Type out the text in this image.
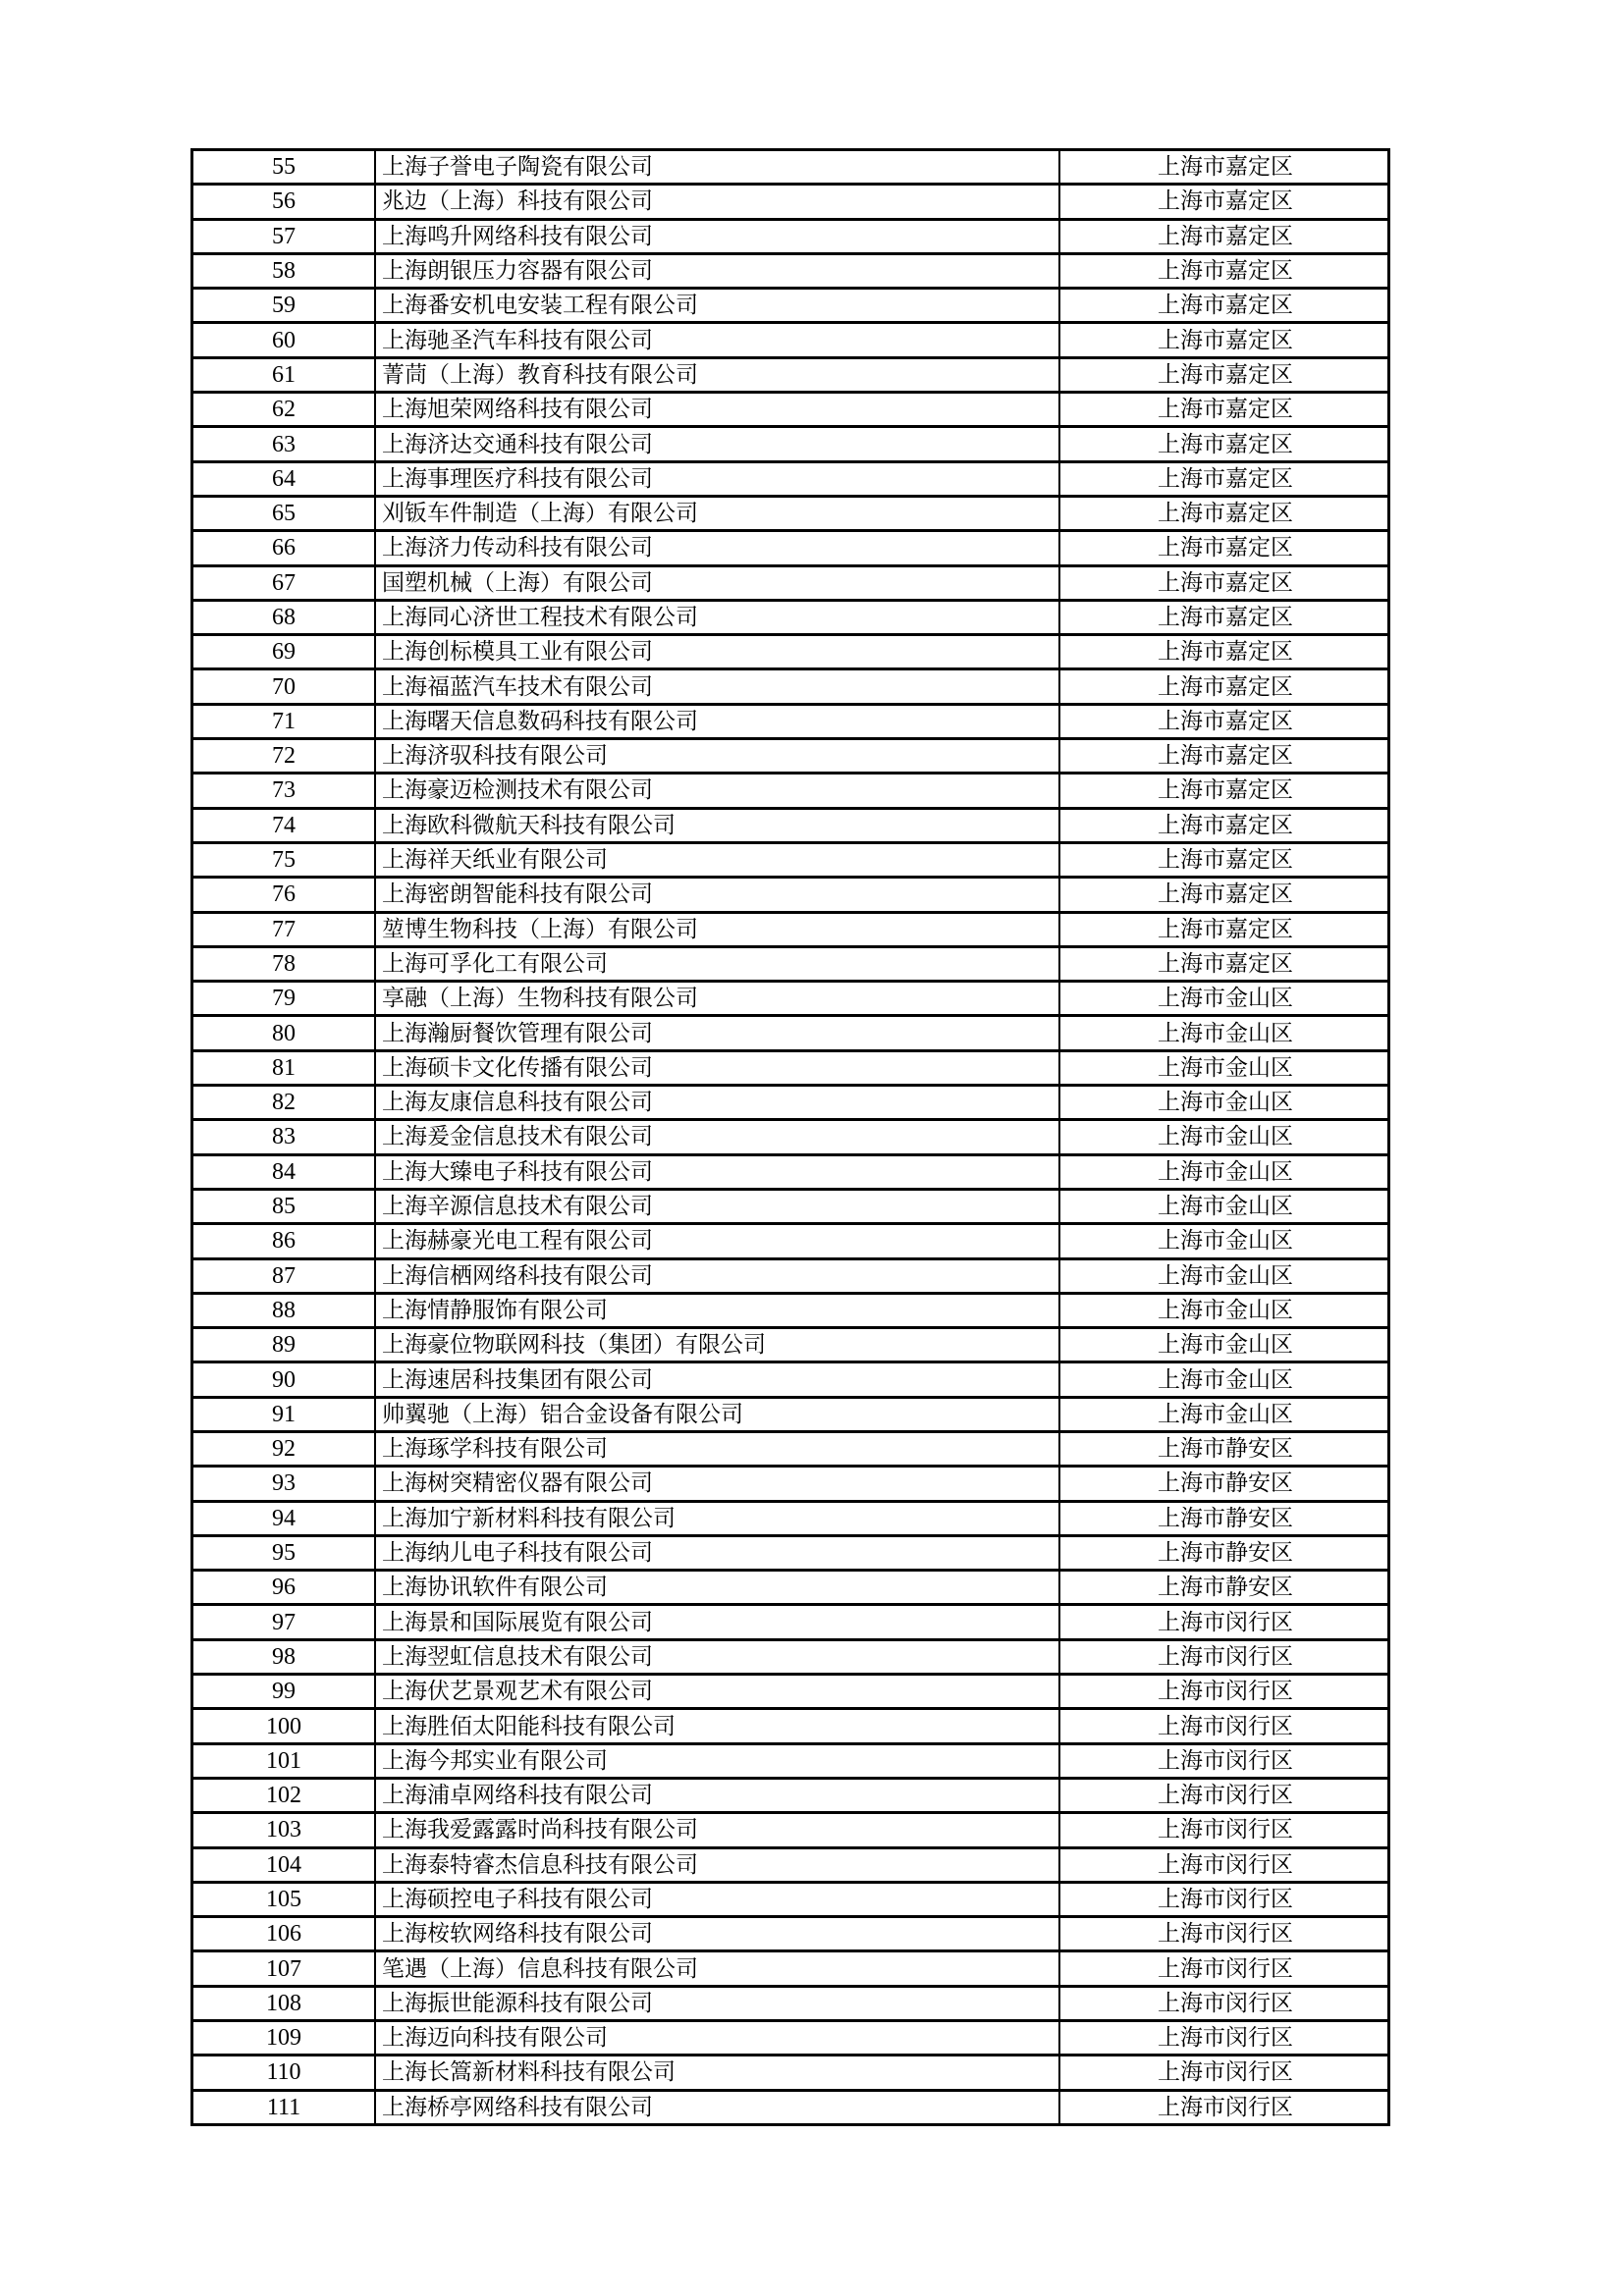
55	上海子誉电子陶瓷有限公司	上海市嘉定区
56	兆边（上海）科技有限公司	上海市嘉定区
57	上海鸣升网络科技有限公司	上海市嘉定区
58	上海朗银压力容器有限公司	上海市嘉定区
59	上海番安机电安装工程有限公司	上海市嘉定区
60	上海驰圣汽车科技有限公司	上海市嘉定区
61	菁茼（上海）教育科技有限公司	上海市嘉定区
62	上海旭荣网络科技有限公司	上海市嘉定区
63	上海济达交通科技有限公司	上海市嘉定区
64	上海事理医疗科技有限公司	上海市嘉定区
65	刈钣车件制造（上海）有限公司	上海市嘉定区
66	上海济力传动科技有限公司	上海市嘉定区
67	国塑机械（上海）有限公司	上海市嘉定区
68	上海同心济世工程技术有限公司	上海市嘉定区
69	上海创标模具工业有限公司	上海市嘉定区
70	上海福蓝汽车技术有限公司	上海市嘉定区
71	上海曙天信息数码科技有限公司	上海市嘉定区
72	上海济驭科技有限公司	上海市嘉定区
73	上海豪迈检测技术有限公司	上海市嘉定区
74	上海欧科微航天科技有限公司	上海市嘉定区
75	上海祥天纸业有限公司	上海市嘉定区
76	上海密朗智能科技有限公司	上海市嘉定区
77	堃博生物科技（上海）有限公司	上海市嘉定区
78	上海可孚化工有限公司	上海市嘉定区
79	享融（上海）生物科技有限公司	上海市金山区
80	上海瀚厨餐饮管理有限公司	上海市金山区
81	上海硕卡文化传播有限公司	上海市金山区
82	上海友康信息科技有限公司	上海市金山区
83	上海爰金信息技术有限公司	上海市金山区
84	上海大臻电子科技有限公司	上海市金山区
85	上海辛源信息技术有限公司	上海市金山区
86	上海赫豪光电工程有限公司	上海市金山区
87	上海信栖网络科技有限公司	上海市金山区
88	上海情静服饰有限公司	上海市金山区
89	上海豪位物联网科技（集团）有限公司	上海市金山区
90	上海速居科技集团有限公司	上海市金山区
91	帅翼驰（上海）铝合金设备有限公司	上海市金山区
92	上海琢学科技有限公司	上海市静安区
93	上海树突精密仪器有限公司	上海市静安区
94	上海加宁新材料科技有限公司	上海市静安区
95	上海纳儿电子科技有限公司	上海市静安区
96	上海协讯软件有限公司	上海市静安区
97	上海景和国际展览有限公司	上海市闵行区
98	上海翌虹信息技术有限公司	上海市闵行区
99	上海伏艺景观艺术有限公司	上海市闵行区
100	上海胜佰太阳能科技有限公司	上海市闵行区
101	上海今邦实业有限公司	上海市闵行区
102	上海浦卓网络科技有限公司	上海市闵行区
103	上海我爱露露时尚科技有限公司	上海市闵行区
104	上海泰特睿杰信息科技有限公司	上海市闵行区
105	上海硕控电子科技有限公司	上海市闵行区
106	上海桉软网络科技有限公司	上海市闵行区
107	笔遇（上海）信息科技有限公司	上海市闵行区
108	上海振世能源科技有限公司	上海市闵行区
109	上海迈向科技有限公司	上海市闵行区
110	上海长篙新材料科技有限公司	上海市闵行区
111	上海桥亭网络科技有限公司	上海市闵行区
